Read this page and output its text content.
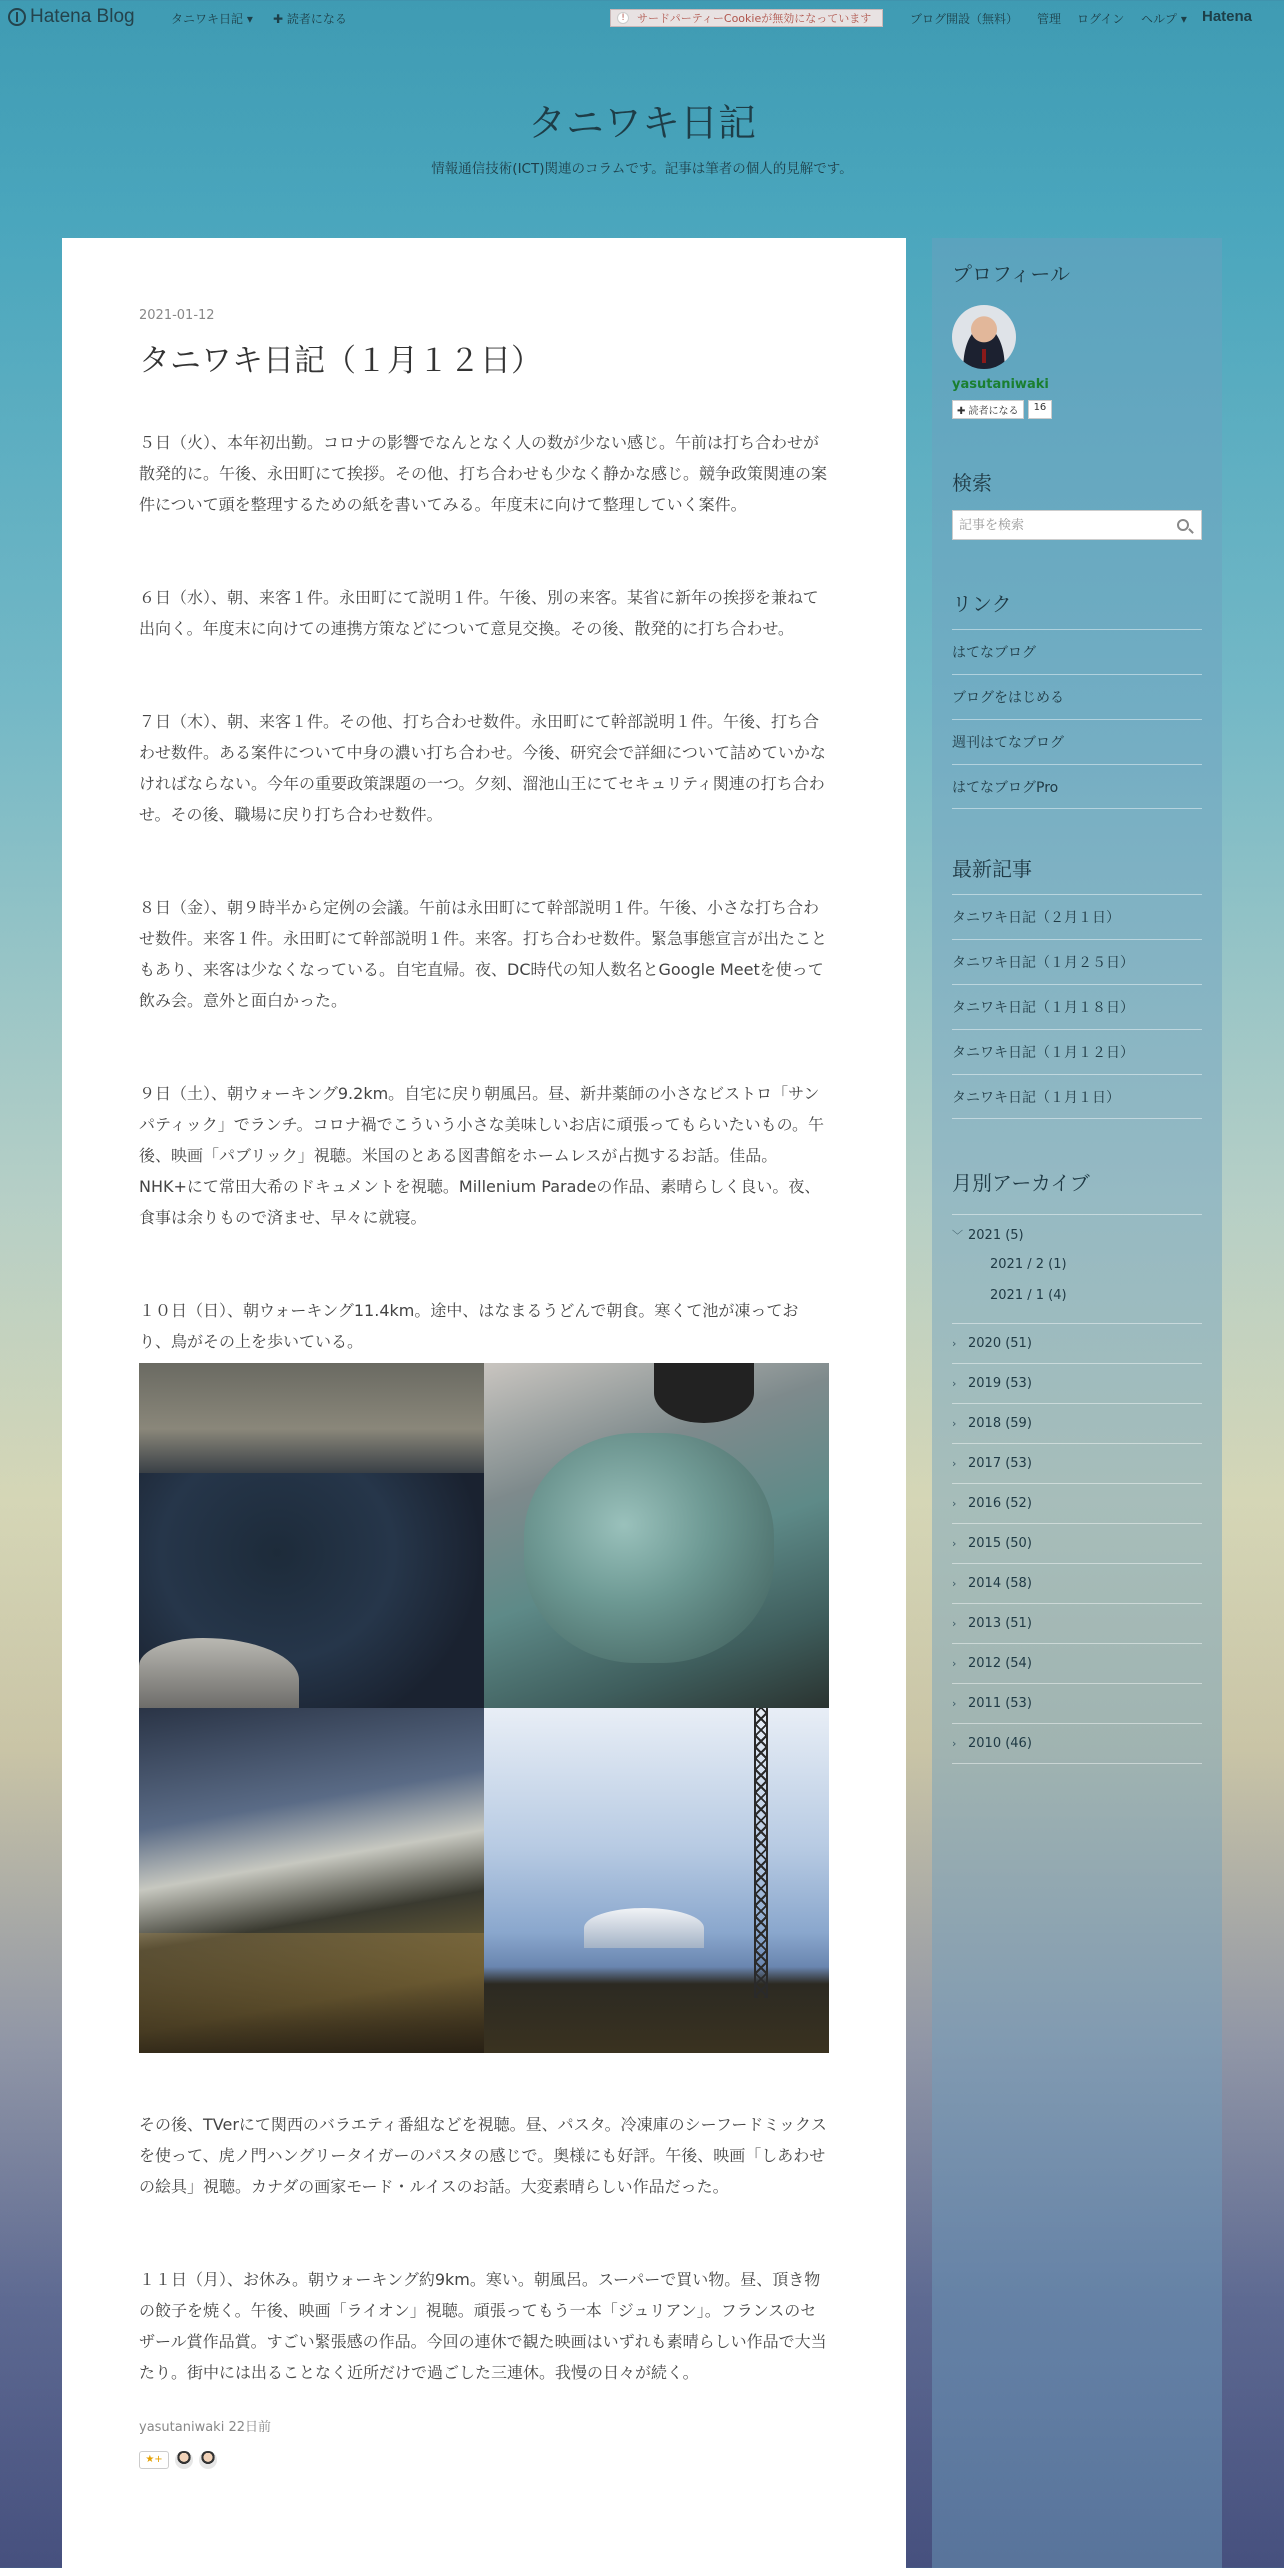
Hatena Blog	タニワキ日記 ▾ ✚ 読者になる	!	サードパーティーCookieが無効になっています	ブログ開設（無料） 管理 ログイン ヘルプ ▾ Hatena
タニワキ日記
情報通信技術(ICT)関連のコラムです。記事は筆者の個人的見解です。
2021-01-12
タニワキ日記（１月１２日）

５日（火）、本年初出勤。コロナの影響でなんとなく人の数が少ない感じ。午前は打ち合わせが散発的に。午後、永田町にて挨拶。その他、打ち合わせも少なく静かな感じ。競争政策関連の案件について頭を整理するための紙を書いてみる。年度末に向けて整理していく案件。

６日（水）、朝、来客１件。永田町にて説明１件。午後、別の来客。某省に新年の挨拶を兼ねて出向く。年度末に向けての連携方策などについて意見交換。その後、散発的に打ち合わせ。

７日（木）、朝、来客１件。その他、打ち合わせ数件。永田町にて幹部説明１件。午後、打ち合わせ数件。ある案件について中身の濃い打ち合わせ。今後、研究会で詳細について詰めていかなければならない。今年の重要政策課題の一つ。夕刻、溜池山王にてセキュリティ関連の打ち合わせ。その後、職場に戻り打ち合わせ数件。

８日（金）、朝９時半から定例の会議。午前は永田町にて幹部説明１件。午後、小さな打ち合わせ数件。来客１件。永田町にて幹部説明１件。来客。打ち合わせ数件。緊急事態宣言が出たこともあり、来客は少なくなっている。自宅直帰。夜、DC時代の知人数名とGoogle Meetを使って飲み会。意外と面白かった。

９日（土）、朝ウォーキング9.2km。自宅に戻り朝風呂。昼、新井薬師の小さなビストロ「サンパティック」でランチ。コロナ禍でこういう小さな美味しいお店に頑張ってもらいたいもの。午後、映画「パブリック」視聴。米国のとある図書館をホームレスが占拠するお話。佳品。NHK+にて常田大希のドキュメントを視聴。Millenium Paradeの作品、素晴らしく良い。夜、食事は余りもので済ませ、早々に就寝。

１０日（日）、朝ウォーキング11.4km。途中、はなまるうどんで朝食。寒くて池が凍っており、鳥がその上を歩いている。

その後、TVerにて関西のバラエティ番組などを視聴。昼、パスタ。冷凍庫のシーフードミックスを使って、虎ノ門ハングリータイガーのパスタの感じで。奥様にも好評。午後、映画「しあわせの絵具」視聴。カナダの画家モード・ルイスのお話。大変素晴らしい作品だった。

１１日（月）、お休み。朝ウォーキング約9km。寒い。朝風呂。スーパーで買い物。昼、頂き物の餃子を焼く。午後、映画「ライオン」視聴。頑張ってもう一本「ジュリアン」。フランスのセザール賞作品賞。すごい緊張感の作品。今回の連休で観た映画はいずれも素晴らしい作品で大当たり。街中には出ることなく近所だけで過ごした三連休。我慢の日々が続く。

yasutaniwaki 22日前
★+
プロフィール
yasutaniwaki
✚ 読者になる	16
検索
記事を検索
リンク
はてなブログ
ブログをはじめる
週刊はてなブログ
はてなブログPro
最新記事
タニワキ日記（２月１日）
タニワキ日記（１月２５日）
タニワキ日記（１月１８日）
タニワキ日記（１月１２日）
タニワキ日記（１月１日）
月別アーカイブ
﹀ 2021 (5)
2021 / 2 (1)
2021 / 1 (4)
› 2020 (51)
› 2019 (53)
› 2018 (59)
› 2017 (53)
› 2016 (52)
› 2015 (50)
› 2014 (58)
› 2013 (51)
› 2012 (54)
› 2011 (53)
› 2010 (46)
